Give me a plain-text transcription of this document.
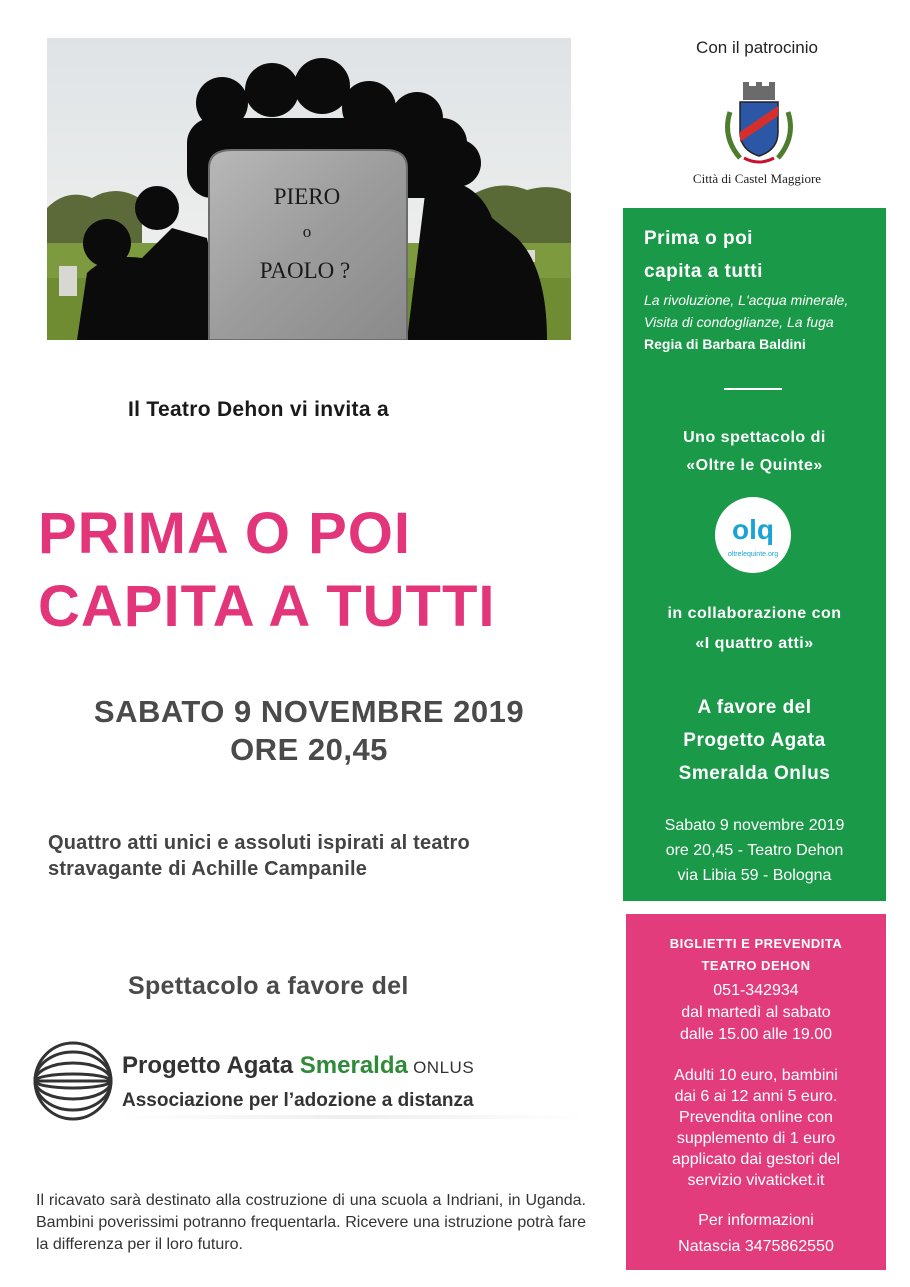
PIERO
o
PAOLO ?
Il Teatro Dehon vi invita a
PRIMA O POI
CAPITA A TUTTI
SABATO 9 NOVEMBRE 2019
ORE 20,45
Quattro atti unici e assoluti ispirati al teatro
stravagante di Achille Campanile
Spettacolo a favore del
Progetto Agata Smeralda ONLUS
Associazione per l’adozione a distanza
Il ricavato sarà destinato alla costruzione di una scuola a Indriani, in Uganda. Bambini poverissimi potranno frequentarla. Ricevere una istruzione potrà fare la differenza per il loro futuro.
Con il patrocinio
Città di Castel Maggiore
Prima o poi
capita a tutti
La rivoluzione, L'acqua minerale,
Visita di condoglianze, La fuga
Regia di Barbara Baldini
Uno spettacolo di
«Oltre le Quinte»
olq
oltrelequinte.org
in collaborazione con
«I quattro atti»
A favore del
Progetto Agata
Smeralda Onlus
Sabato 9 novembre 2019
ore 20,45 - Teatro Dehon
via Libia 59 - Bologna
BIGLIETTI E PREVENDITA
TEATRO DEHON
051-342934
dal martedì al sabato
dalle 15.00 alle 19.00
Adulti 10 euro, bambini
dai 6 ai 12 anni 5 euro.
Prevendita online con
supplemento di 1 euro
applicato dai gestori del
servizio vivaticket.it
Per informazioni
Natascia 3475862550
